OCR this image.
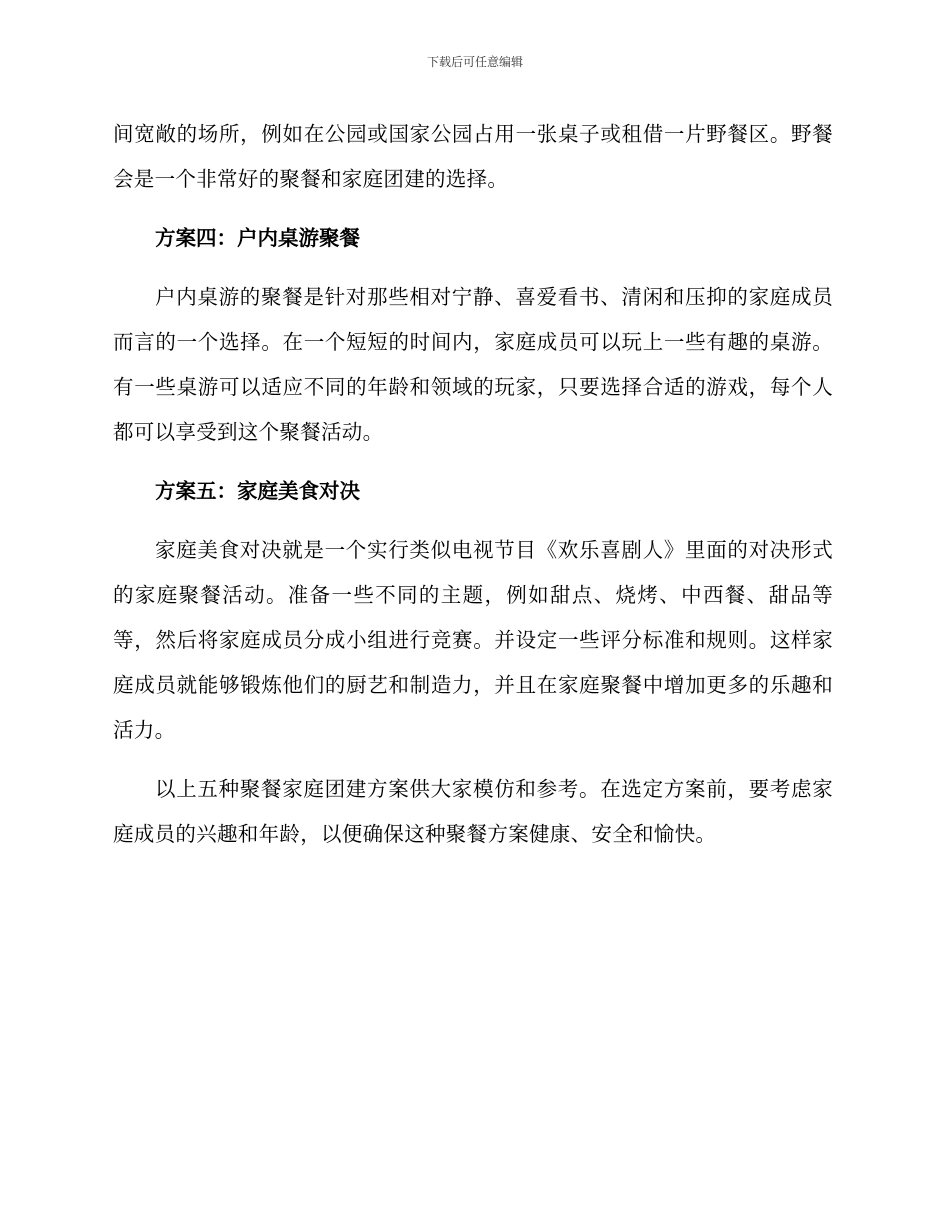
下载后可任意编辑

间宽敞的场所，例如在公园或国家公园占用一张桌子或租借一片野餐区。野餐会是一个非常好的聚餐和家庭团建的选择。

方案四：户内桌游聚餐

户内桌游的聚餐是针对那些相对宁静、喜爱看书、清闲和压抑的家庭成员而言的一个选择。在一个短短的时间内，家庭成员可以玩上一些有趣的桌游。有一些桌游可以适应不同的年龄和领域的玩家，只要选择合适的游戏，每个人都可以享受到这个聚餐活动。

方案五：家庭美食对决

家庭美食对决就是一个实行类似电视节目《欢乐喜剧人》里面的对决形式的家庭聚餐活动。准备一些不同的主题，例如甜点、烧烤、中西餐、甜品等等，然后将家庭成员分成小组进行竞赛。并设定一些评分标准和规则。这样家庭成员就能够锻炼他们的厨艺和制造力，并且在家庭聚餐中增加更多的乐趣和活力。

以上五种聚餐家庭团建方案供大家模仿和参考。在选定方案前，要考虑家庭成员的兴趣和年龄，以便确保这种聚餐方案健康、安全和愉快。
